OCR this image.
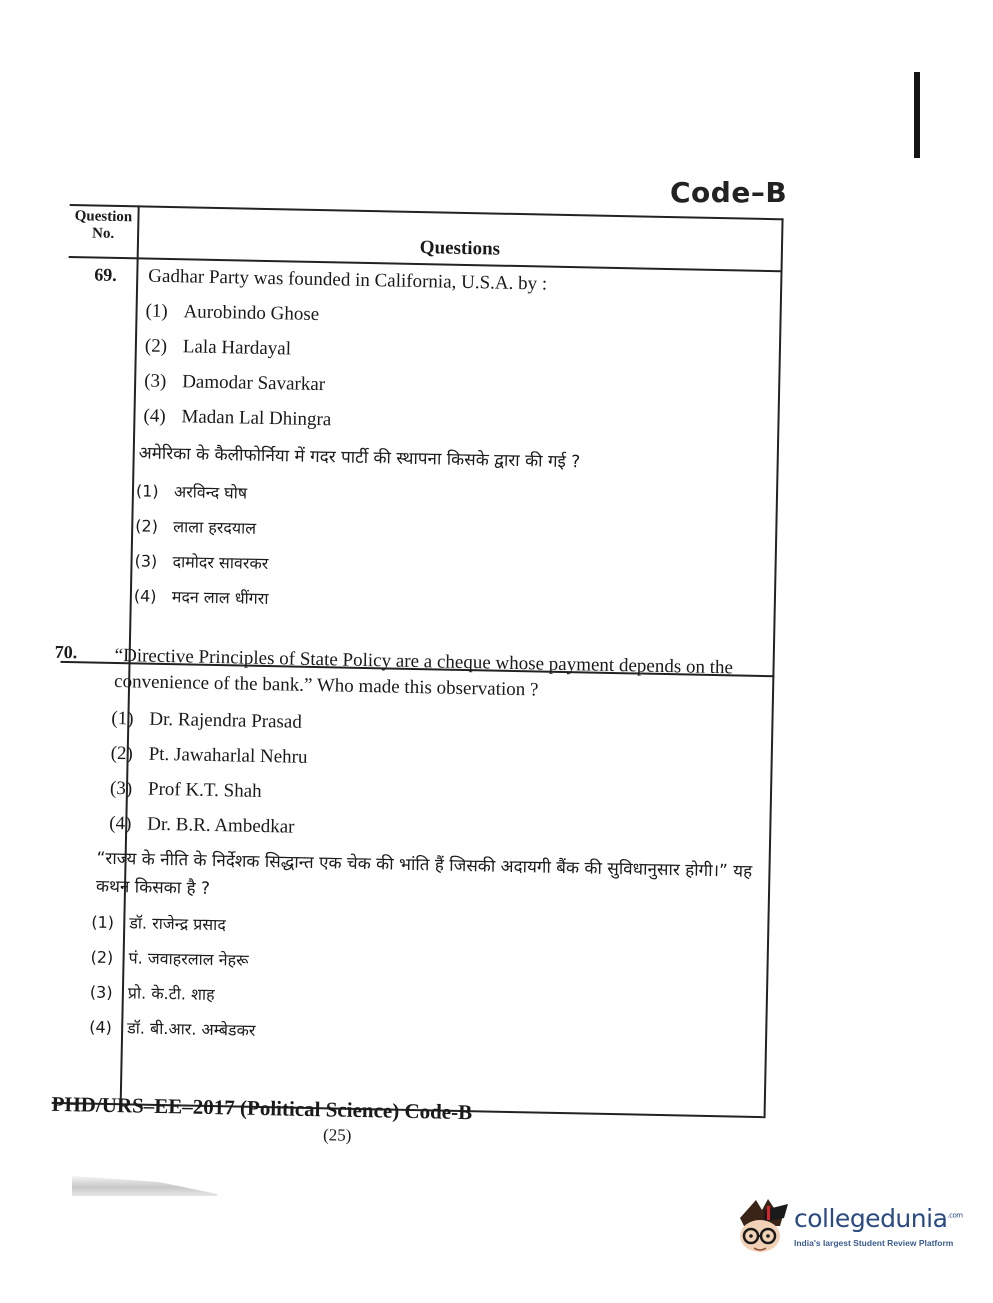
Code–B
Question No.
Questions
69. Gadhar Party was founded in California, U.S.A. by :
(1) Aurobindo Ghose
(2) Lala Hardayal
(3) Damodar Savarkar
(4) Madan Lal Dhingra
अमेरिका के कैलीफोर्निया में गदर पार्टी की स्थापना किसके द्वारा की गई ?
(1) अरविन्द घोष
(2) लाला हरदयाल
(3) दामोदर सावरकर
(4) मदन लाल धींगरा
70. “Directive Principles of State Policy are a cheque whose payment depends on the convenience of the bank.” Who made this observation ?
(1) Dr. Rajendra Prasad
(2) Pt. Jawaharlal Nehru
(3) Prof K.T. Shah
(4) Dr. B.R. Ambedkar
“राज्य के नीति के निर्देशक सिद्धान्त एक चेक की भांति हैं जिसकी अदायगी बैंक की सुविधानुसार होगी।” यह कथन किसका है ?
(1) डॉ. राजेन्द्र प्रसाद
(2) पं. जवाहरलाल नेहरू
(3) प्रो. के.टी. शाह
(4) डॉ. बी.आर. अम्बेडकर
PHD/URS–EE–2017 (Political Science) Code-B
(25)
collegedunia$^{.com}$
India's largest Student Review Platform
